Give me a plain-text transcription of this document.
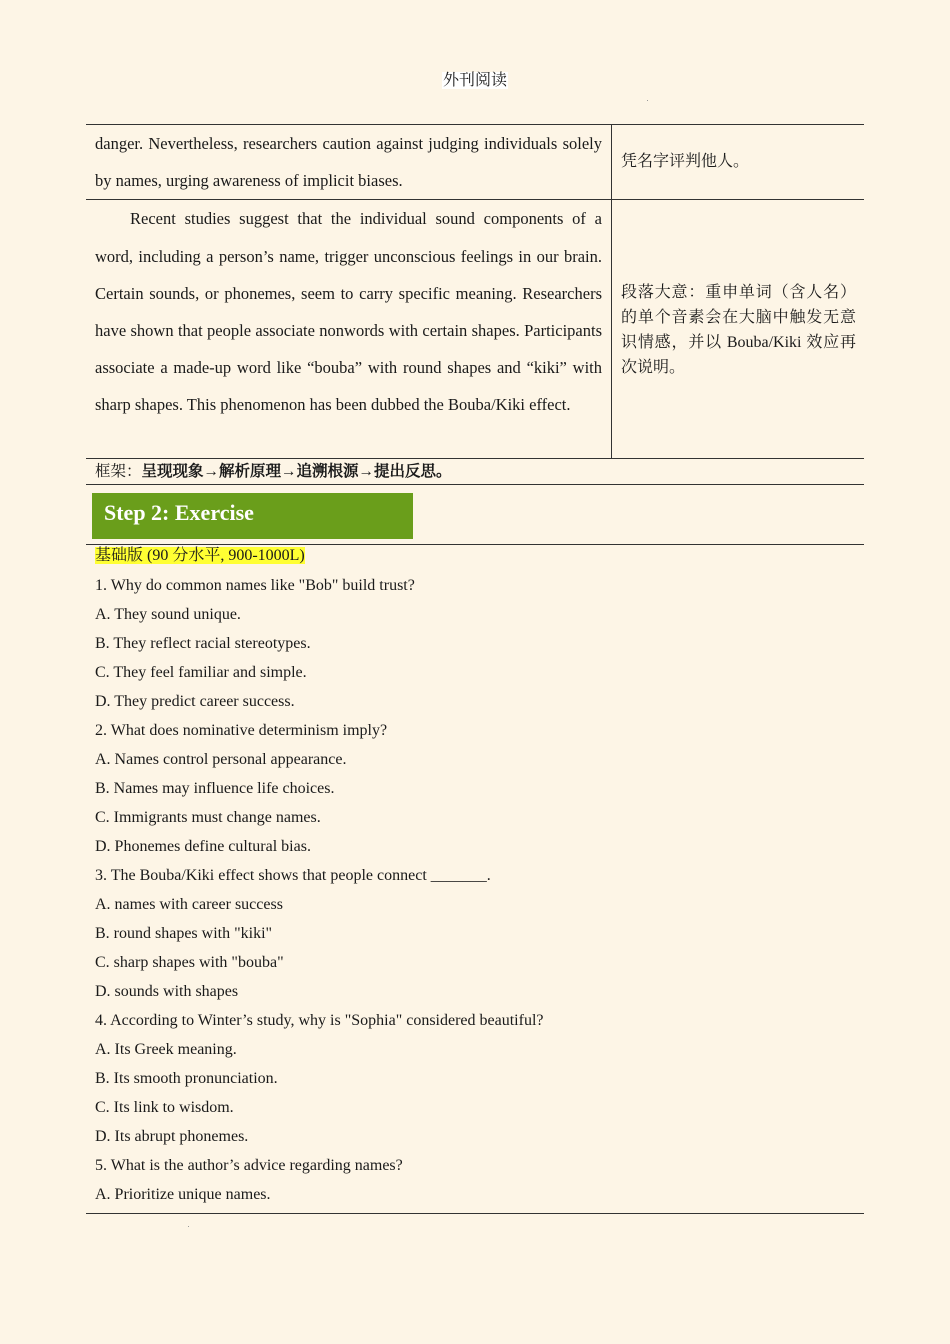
外刊阅读

danger. Nevertheless, researchers caution against judging individuals solely by names, urging awareness of implicit biases.	凭名字评判他人。

Recent studies suggest that the individual sound components of a word, including a person’s name, trigger unconscious feelings in our brain. Certain sounds, or phonemes, seem to carry specific meaning. Researchers have shown that people associate nonwords with certain shapes. Participants associate a made-up word like “bouba” with round shapes and “kiki” with sharp shapes. This phenomenon has been dubbed the Bouba/Kiki effect.	段落大意：重申单词（含人名）的单个音素会在大脑中触发无意识情感，并以 Bouba/Kiki 效应再次说明。

框架：呈现现象→解析原理→追溯根源→提出反思。
Step 2: Exercise
基础版 (90 分水平, 900-1000L)
1. Why do common names like "Bob" build trust?
A. They sound unique.
B. They reflect racial stereotypes.
C. They feel familiar and simple.
D. They predict career success.
2. What does nominative determinism imply?
A. Names control personal appearance.
B. Names may influence life choices.
C. Immigrants must change names.
D. Phonemes define cultural bias.
3. The Bouba/Kiki effect shows that people connect _______.
A. names with career success
B. round shapes with "kiki"
C. sharp shapes with "bouba"
D. sounds with shapes
4. According to Winter’s study, why is "Sophia" considered beautiful?
A. Its Greek meaning.
B. Its smooth pronunciation.
C. Its link to wisdom.
D. Its abrupt phonemes.
5. What is the author’s advice regarding names?
A. Prioritize unique names.
